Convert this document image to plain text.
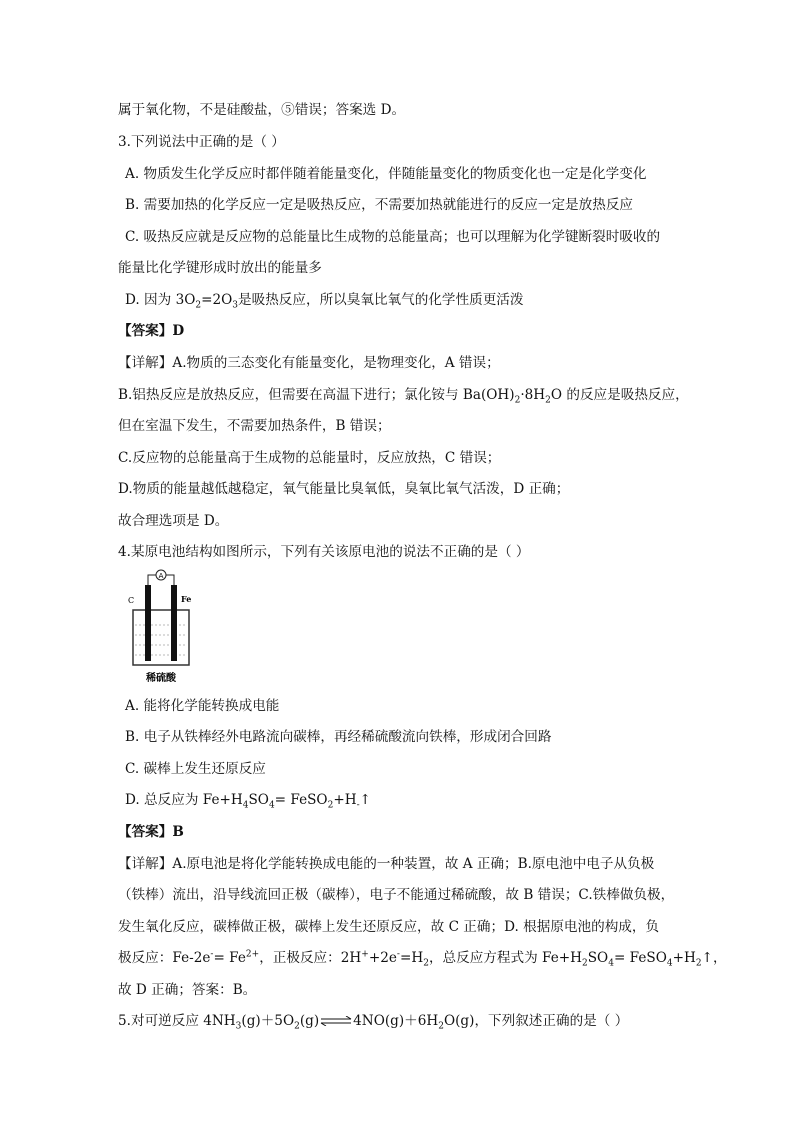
属于氧化物，不是硅酸盐，⑤错误；答案选 D。
3.下列说法中正确的是（ ）
A. 物质发生化学反应时都伴随着能量变化，伴随能量变化的物质变化也一定是化学变化
B. 需要加热的化学反应一定是吸热反应，不需要加热就能进行的反应一定是放热反应
C. 吸热反应就是反应物的总能量比生成物的总能量高；也可以理解为化学键断裂时吸收的
能量比化学键形成时放出的能量多
D. 因为 $3O_2=2O_3$是吸热反应，所以臭氧比氧气的化学性质更活泼
【答案】D
【详解】A.物质的三态变化有能量变化，是物理变化，A 错误；
B.铝热反应是放热反应，但需要在高温下进行；氯化铵与 $Ba(OH)_2\cdot 8H_2O$ 的反应是吸热反应，
但在室温下发生，不需要加热条件，B 错误；
C.反应物的总能量高于生成物的总能量时，反应放热，C 错误；
D.物质的能量越低越稳定，氧气能量比臭氧低，臭氧比氧气活泼，D 正确；
故合理选项是 D。
4.某原电池结构如图所示，下列有关该原电池的说法不正确的是（ ）
A
C	Fe
稀硫酸
A. 能将化学能转换成电能
B. 电子从铁棒经外电路流向碳棒，再经稀硫酸流向铁棒，形成闭合回路
C. 碳棒上发生还原反应
D. 总反应为 $Fe+H_4SO_4=$ $FeSO_2+H_-↑$
【答案】B
【详解】A.原电池是将化学能转换成电能的一种装置，故 A 正确；B.原电池中电子从负极
（铁棒）流出，沿导线流回正极（碳棒），电子不能通过稀硫酸，故 B 错误；C.铁棒做负极，
发生氧化反应，碳棒做正极，碳棒上发生还原反应，故 C 正确；D. 根据原电池的构成，负
极反应：$Fe-2e^-= Fe^{2+}$，正极反应：$2H^++2e^-=H_2$，总反应方程式为 $Fe+H_2SO_4=$ $FeSO_4+H_2↑$，
故 D 正确；答案：B。
5.对可逆反应 $4NH_3(g)+5O_2(g)\rightleftharpoons 4NO(g)+6H_2O(g)$，下列叙述正确的是（ ）
